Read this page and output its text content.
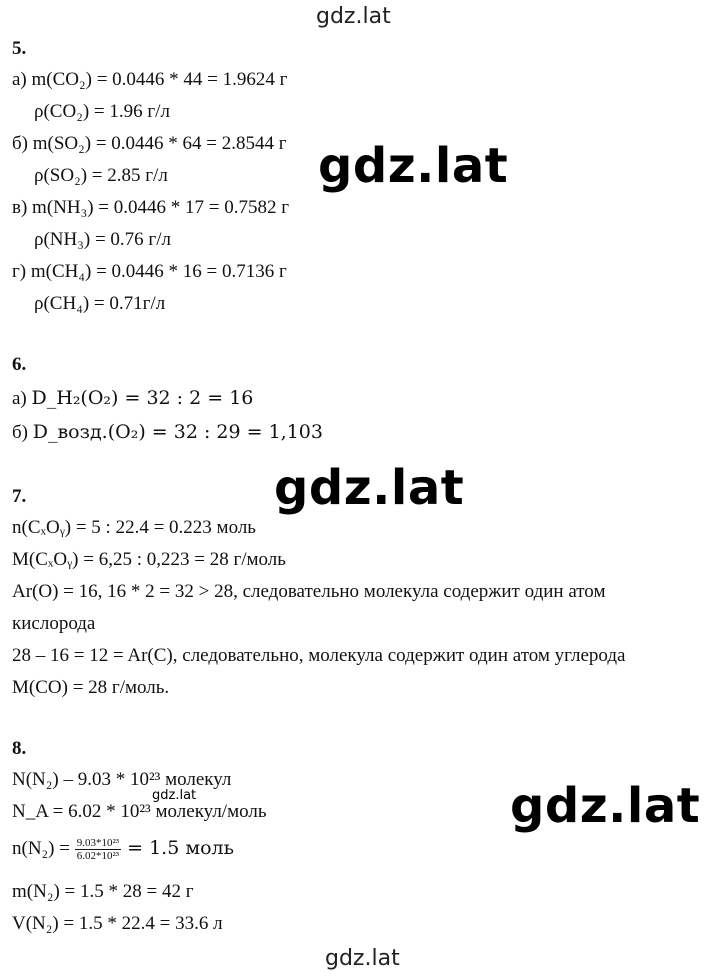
gdz.lat
gdz.lat
gdz.lat
gdz.lat
gdz.lat
gdz.lat
5.
а) m(CO₂) = 0.0446 * 44 = 1.9624 г
ρ(CO₂) = 1.96 г/л
б) m(SO₂) = 0.0446 * 64 = 2.8544 г
ρ(SO₂) = 2.85 г/л
в) m(NH₃) = 0.0446 * 17 = 0.7582 г
ρ(NH₃) = 0.76 г/л
г) m(CH₄) = 0.0446 * 16 = 0.7136 г
ρ(CH₄) = 0.71г/л
6.
а) D_H₂(O₂) = 32 : 2 = 16
б) D_возд.(O₂) = 32 : 29 = 1,103
7.
n(CₓOᵧ) = 5 : 22.4 = 0.223 моль
M(CₓOᵧ) = 6,25 : 0,223 = 28 г/моль
Ar(O) = 16, 16 * 2 = 32 > 28, следовательно молекула содержит один атом
кислорода
28 – 16 = 12 = Ar(C), следовательно, молекула содержит один атом углерода
M(CO) = 28 г/моль.
8.
N(N₂) – 9.03 * 10²³ молекул
N_A = 6.02 * 10²³ молекул/моль
$n(N_2) = \frac{\text{9.03*10²³}}{\text{6.02*10²³}} = 1.5$ моль
m(N₂) = 1.5 * 28 = 42 г
V(N₂) = 1.5 * 22.4 = 33.6 л
